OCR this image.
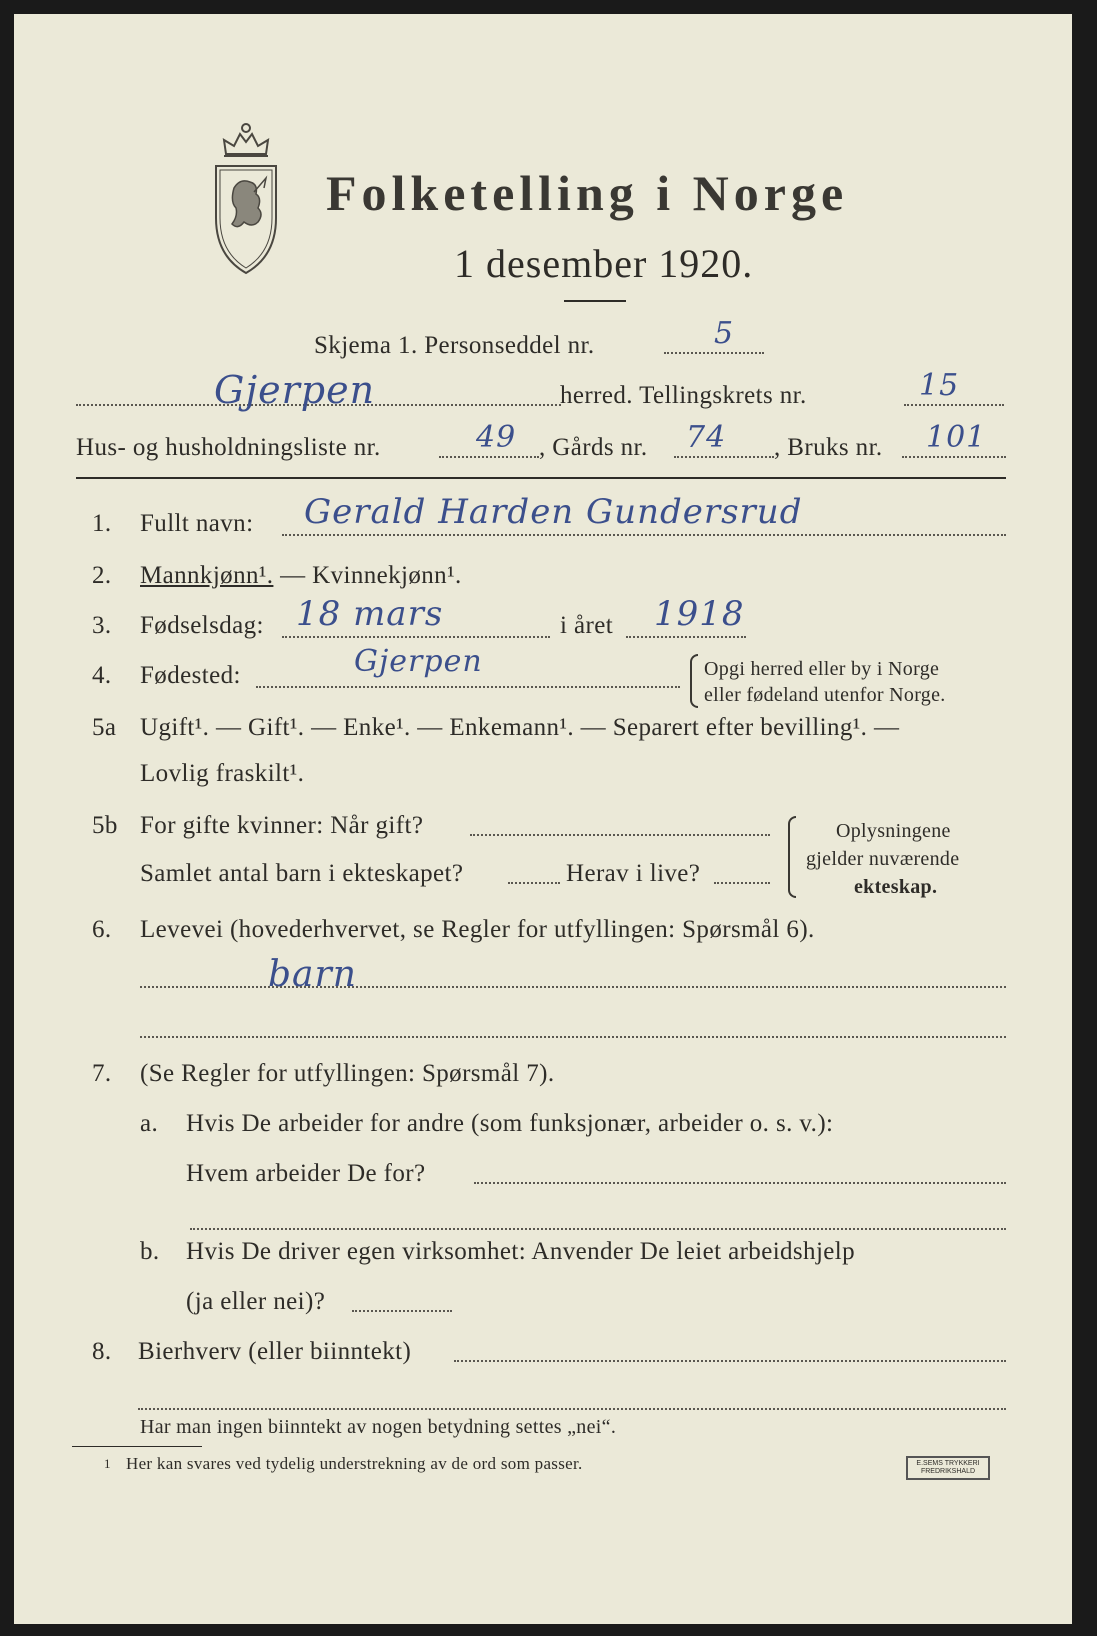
Folketelling i Norge
1 desember 1920.
Skjema 1. Personseddel nr.	5
Gjerpen	herred. Tellingskrets nr.	15
Hus- og husholdningsliste nr.	49 , Gårds nr. 74 , Bruks nr. 101
1. Fullt navn: Gerald Harden Gundersrud
2. Mannkjønn¹. — Kvinnekjønn¹.
3. Fødselsdag: 18 mars	i året 1918
4. Fødested:	Gjerpen	Opgi herred eller by i Norge
eller fødeland utenfor Norge.
5a Ugift¹. — Gift¹. — Enke¹. — Enkemann¹. — Separert efter bevilling¹. —
Lovlig fraskilt¹.
5b For gifte kvinner: Når gift?
Samlet antal barn i ekteskapet?	Herav i live?
Oplysningene
gjelder nuværende
ekteskap.
6. Levevei (hovederhvervet, se Regler for utfyllingen: Spørsmål 6).
barn
7. (Se Regler for utfyllingen: Spørsmål 7).
a. Hvis De arbeider for andre (som funksjonær, arbeider o. s. v.):
Hvem arbeider De for?
b. Hvis De driver egen virksomhet: Anvender De leiet arbeidshjelp
(ja eller nei)?
8. Bierhverv (eller biinntekt)
Har man ingen biinntekt av nogen betydning settes „nei“.
1 Her kan svares ved tydelig understrekning av de ord som passer.	E.SEMS TRYKKERI
FREDRIKSHALD
